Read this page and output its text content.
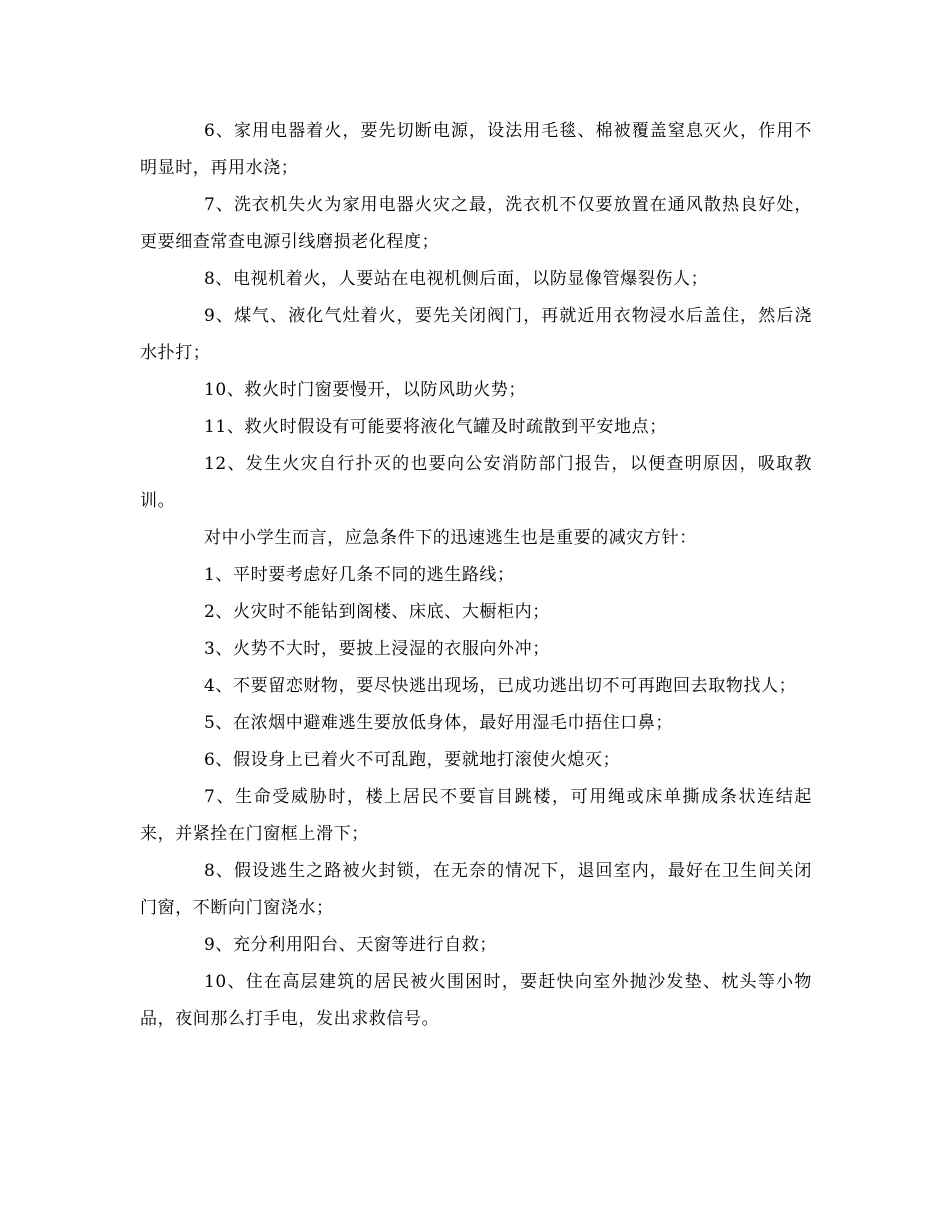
6、家用电器着火，要先切断电源，设法用毛毯、棉被覆盖窒息灭火，作用不明显时，再用水浇；

7、洗衣机失火为家用电器火灾之最，洗衣机不仅要放置在通风散热良好处，更要细查常查电源引线磨损老化程度；

8、电视机着火，人要站在电视机侧后面，以防显像管爆裂伤人；

9、煤气、液化气灶着火，要先关闭阀门，再就近用衣物浸水后盖住，然后浇水扑打；

10、救火时门窗要慢开，以防风助火势；

11、救火时假设有可能要将液化气罐及时疏散到平安地点；

12、发生火灾自行扑灭的也要向公安消防部门报告，以便查明原因，吸取教训。

对中小学生而言，应急条件下的迅速逃生也是重要的减灾方针：

1、平时要考虑好几条不同的逃生路线；

2、火灾时不能钻到阁楼、床底、大橱柜内；

3、火势不大时，要披上浸湿的衣服向外冲；

4、不要留恋财物，要尽快逃出现场，已成功逃出切不可再跑回去取物找人；

5、在浓烟中避难逃生要放低身体，最好用湿毛巾捂住口鼻；

6、假设身上已着火不可乱跑，要就地打滚使火熄灭；

7、生命受威胁时，楼上居民不要盲目跳楼，可用绳或床单撕成条状连结起来，并紧拴在门窗框上滑下；

8、假设逃生之路被火封锁，在无奈的情况下，退回室内，最好在卫生间关闭门窗，不断向门窗浇水；

9、充分利用阳台、天窗等进行自救；

10、住在高层建筑的居民被火围困时，要赶快向室外抛沙发垫、枕头等小物品，夜间那么打手电，发出求救信号。
